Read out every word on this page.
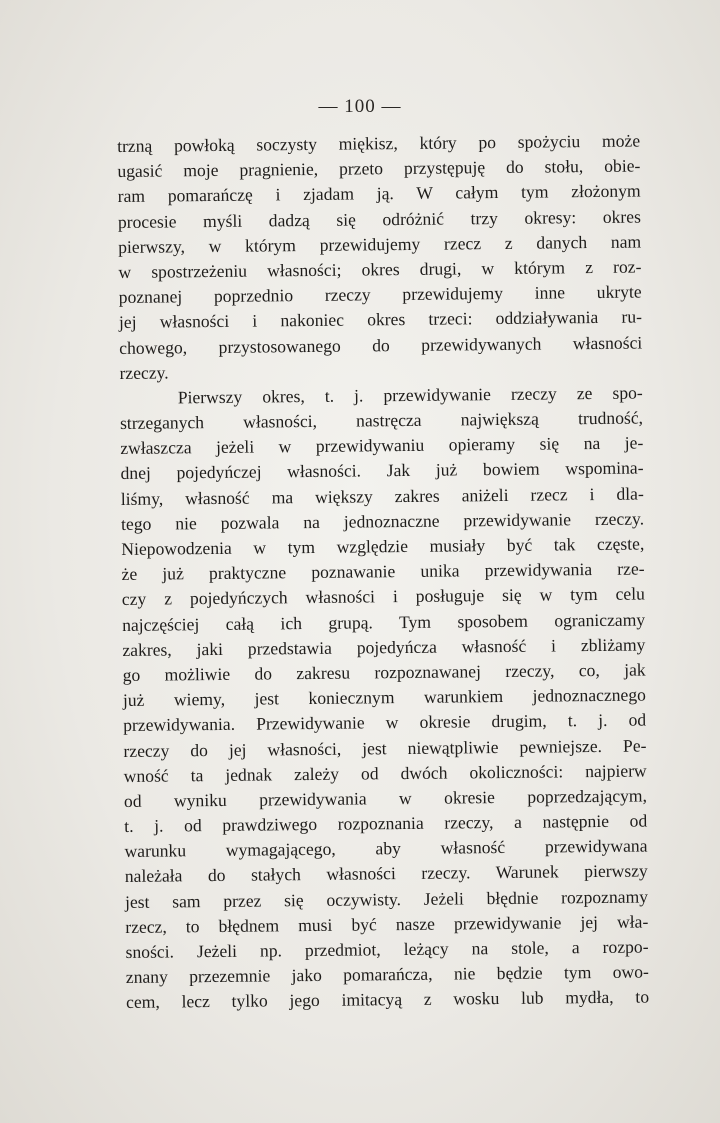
— 100 —
trzną powłoką soczysty miękisz, który po spożyciu może
ugasić moje pragnienie, przeto przystępuję do stołu, obie-
ram pomarańczę i zjadam ją. W całym tym złożonym
procesie myśli dadzą się odróżnić trzy okresy: okres
pierwszy, w którym przewidujemy rzecz z danych nam
w spostrzeżeniu własności; okres drugi, w którym z roz-
poznanej poprzednio rzeczy przewidujemy inne ukryte
jej własności i nakoniec okres trzeci: oddziaływania ru-
chowego, przystosowanego do przewidywanych własności
rzeczy.
Pierwszy okres, t. j. przewidywanie rzeczy ze spo-
strzeganych własności, nastręcza największą trudność,
zwłaszcza jeżeli w przewidywaniu opieramy się na je-
dnej pojedyńczej własności. Jak już bowiem wspomina-
liśmy, własność ma większy zakres aniżeli rzecz i dla-
tego nie pozwala na jednoznaczne przewidywanie rzeczy.
Niepowodzenia w tym względzie musiały być tak częste,
że już praktyczne poznawanie unika przewidywania rze-
czy z pojedyńczych własności i posługuje się w tym celu
najczęściej całą ich grupą. Tym sposobem ograniczamy
zakres, jaki przedstawia pojedyńcza własność i zbliżamy
go możliwie do zakresu rozpoznawanej rzeczy, co, jak
już wiemy, jest koniecznym warunkiem jednoznacznego
przewidywania. Przewidywanie w okresie drugim, t. j. od
rzeczy do jej własności, jest niewątpliwie pewniejsze. Pe-
wność ta jednak zależy od dwóch okoliczności: najpierw
od wyniku przewidywania w okresie poprzedzającym,
t. j. od prawdziwego rozpoznania rzeczy, a następnie od
warunku wymagającego, aby własność przewidywana
należała do stałych własności rzeczy. Warunek pierwszy
jest sam przez się oczywisty. Jeżeli błędnie rozpoznamy
rzecz, to błędnem musi być nasze przewidywanie jej wła-
sności. Jeżeli np. przedmiot, leżący na stole, a rozpo-
znany przezemnie jako pomarańcza, nie będzie tym owo-
cem, lecz tylko jego imitacyą z wosku lub mydła, to
